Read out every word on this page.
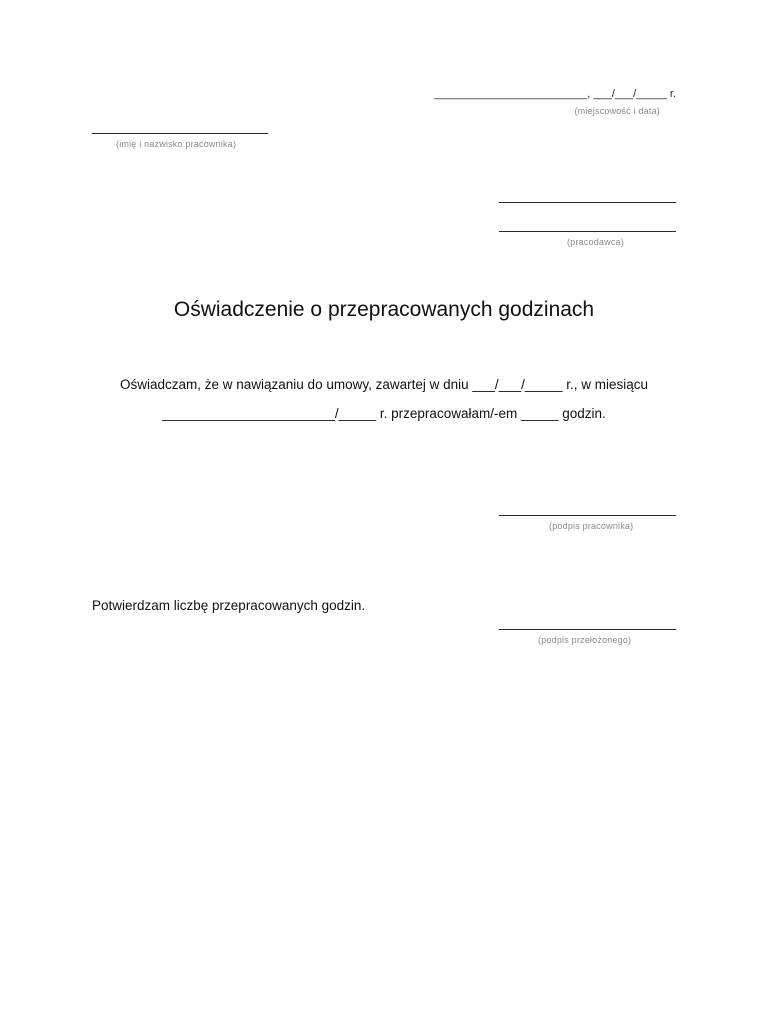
_________________________, ___/___/_____ r.
(miejscowość i data)
(imię i nazwisko pracownika)
(pracodawca)
Oświadczenie o przepracowanych godzinach
Oświadczam, że w nawiązaniu do umowy, zawartej w dniu ___/___/_____ r., w miesiącu
_______________________/_____ r. przepracowałam/-em _____ godzin.
(podpis pracownika)
Potwierdzam liczbę przepracowanych godzin.
(podpis przełożonego)
